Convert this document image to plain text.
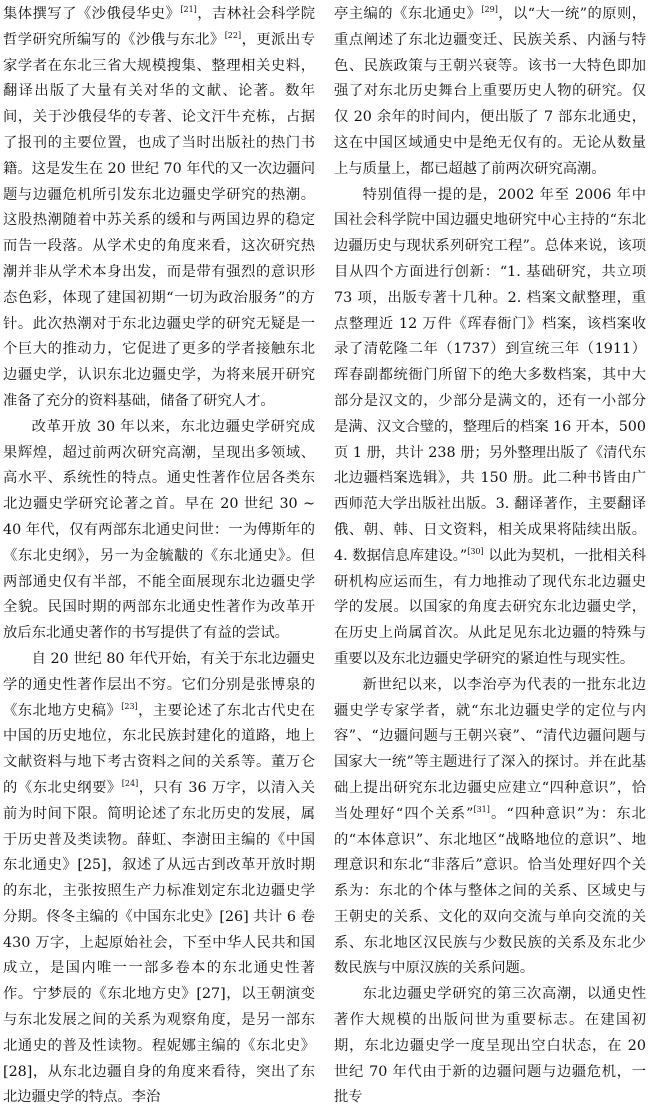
集体撰写了《沙俄侵华史》[21]，吉林社会科学院哲学研究所编写的《沙俄与东北》[22]，更派出专家学者在东北三省大规模搜集、整理相关史料，翻译出版了大量有关对华的文献、论著。数年间，关于沙俄侵华的专著、论文汗牛充栋，占据了报刊的主要位置，也成了当时出版社的热门书籍。这是发生在 20 世纪 70 年代的又一次边疆问题与边疆危机所引发东北边疆史学研究的热潮。这股热潮随着中苏关系的缓和与两国边界的稳定而告一段落。从学术史的角度来看，这次研究热潮并非从学术本身出发，而是带有强烈的意识形态色彩，体现了建国初期“一切为政治服务”的方针。此次热潮对于东北边疆史学的研究无疑是一个巨大的推动力，它促进了更多的学者接触东北边疆史学，认识东北边疆史学，为将来展开研究准备了充分的资料基础，储备了研究人才。

改革开放 30 年以来，东北边疆史学研究成果辉煌，超过前两次研究高潮，呈现出多领域、高水平、系统性的特点。通史性著作位居各类东北边疆史学研究论著之首。早在 20 世纪 30 ~ 40 年代，仅有两部东北通史问世：一为傅斯年的《东北史纲》，另一为金毓黻的《东北通史》。但两部通史仅有半部，不能全面展现东北边疆史学全貌。民国时期的两部东北通史性著作为改革开放后东北通史著作的书写提供了有益的尝试。

自 20 世纪 80 年代开始，有关于东北边疆史学的通史性著作层出不穷。它们分别是张博泉的《东北地方史稿》[23]，主要论述了东北古代史在中国的历史地位，东北民族封建化的道路，地上文献资料与地下考古资料之间的关系等。董万仑的《东北史纲要》[24]，只有 36 万字，以清入关前为时间下限。简明论述了东北历史的发展，属于历史普及类读物。薛虹、李澍田主编的《中国东北通史》[25]，叙述了从远古到改革开放时期的东北，主张按照生产力标准划定东北边疆史学分期。佟冬主编的《中国东北史》[26] 共计 6 卷 430 万字，上起原始社会，下至中华人民共和国成立，是国内唯一一部多卷本的东北通史性著作。宁梦辰的《东北地方史》[27]，以王朝演变与东北发展之间的关系为观察角度，是另一部东北通史的普及性读物。程妮娜主编的《东北史》[28]，从东北边疆自身的角度来看待，突出了东北边疆史学的特点。李治

亭主编的《东北通史》[29]，以“大一统”的原则，重点阐述了东北边疆变迁、民族关系、内涵与特色、民族政策与王朝兴衰等。该书一大特色即加强了对东北历史舞台上重要历史人物的研究。仅仅 20 余年的时间内，便出版了 7 部东北通史，这在中国区域通史中是绝无仅有的。无论从数量上与质量上，都已超越了前两次研究高潮。

特别值得一提的是，2002 年至 2006 年中国社会科学院中国边疆史地研究中心主持的“东北边疆历史与现状系列研究工程”。总体来说，该项目从四个方面进行创新：“1. 基础研究，共立项 73 项，出版专著十几种。2. 档案文献整理，重点整理近 12 万件《珲春衙门》档案，该档案收录了清乾隆二年（1737）到宣统三年（1911）珲春副都统衙门所留下的绝大多数档案，其中大部分是汉文的，少部分是满文的，还有一小部分是满、汉文合璧的，整理后的档案 16 开本，500 页 1 册，共计 238 册；另外整理出版了《清代东北边疆档案选辑》，共 150 册。此二种书皆由广西师范大学出版社出版。3. 翻译著作，主要翻译俄、朝、韩、日文资料，相关成果将陆续出版。4. 数据信息库建设。”[30] 以此为契机，一批相关科研机构应运而生，有力地推动了现代东北边疆史学的发展。以国家的角度去研究东北边疆史学，在历史上尚属首次。从此足见东北边疆的特殊与重要以及东北边疆史学研究的紧迫性与现实性。

新世纪以来，以李治亭为代表的一批东北边疆史学专家学者，就“东北边疆史学的定位与内容”、“边疆问题与王朝兴衰”、“清代边疆问题与国家大一统”等主题进行了深入的探讨。并在此基础上提出研究东北边疆史应建立“四种意识”，恰当处理好“四个关系”[31]。“四种意识”为：东北的“本体意识”、东北地区“战略地位的意识”、地理意识和东北“非落后”意识。恰当处理好四个关系为：东北的个体与整体之间的关系、区域史与王朝史的关系、文化的双向交流与单向交流的关系、东北地区汉民族与少数民族的关系及东北少数民族与中原汉族的关系问题。

东北边疆史学研究的第三次高潮，以通史性著作大规模的出版问世为重要标志。在建国初期，东北边疆史学一度呈现出空白状态，在 20 世纪 70 年代由于新的边疆问题与边疆危机，一批专
